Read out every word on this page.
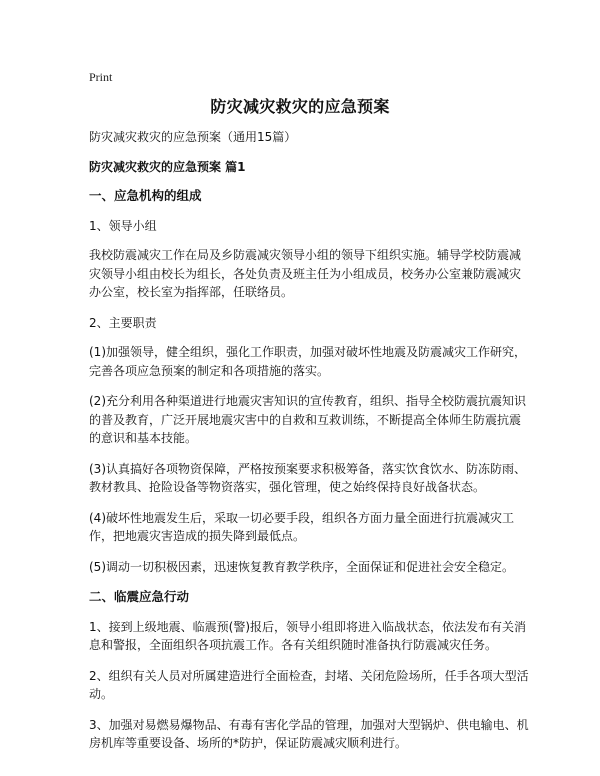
Print
防灾减灾救灾的应急预案

防灾减灾救灾的应急预案（通用15篇）

防灾减灾救灾的应急预案 篇1

一、应急机构的组成

1、领导小组

我校防震减灾工作在局及乡防震减灾领导小组的领导下组织实施。辅导学校防震减灾领导小组由校长为组长，各处负责及班主任为小组成员，校务办公室兼防震减灾办公室，校长室为指挥部，任联络员。

2、主要职责

(1)加强领导，健全组织，强化工作职责，加强对破坏性地震及防震减灾工作研究，完善各项应急预案的制定和各项措施的落实。

(2)充分利用各种渠道进行地震灾害知识的宣传教育，组织、指导全校防震抗震知识的普及教育，广泛开展地震灾害中的自救和互救训练，不断提高全体师生防震抗震的意识和基本技能。

(3)认真搞好各项物资保障，严格按预案要求积极筹备，落实饮食饮水、防冻防雨、教材教具、抢险设备等物资落实，强化管理，使之始终保持良好战备状态。

(4)破坏性地震发生后，采取一切必要手段，组织各方面力量全面进行抗震减灾工作，把地震灾害造成的损失降到最低点。

(5)调动一切积极因素，迅速恢复教育教学秩序，全面保证和促进社会安全稳定。

二、临震应急行动

1、接到上级地震、临震预(警)报后，领导小组即将进入临战状态，依法发布有关消息和警报，全面组织各项抗震工作。各有关组织随时准备执行防震减灾任务。

2、组织有关人员对所属建造进行全面检查，封堵、关闭危险场所，任手各项大型活动。

3、加强对易燃易爆物品、有毒有害化学品的管理，加强对大型锅炉、供电输电、机房机库等重要设备、场所的*防护，保证防震减灾顺利进行。
